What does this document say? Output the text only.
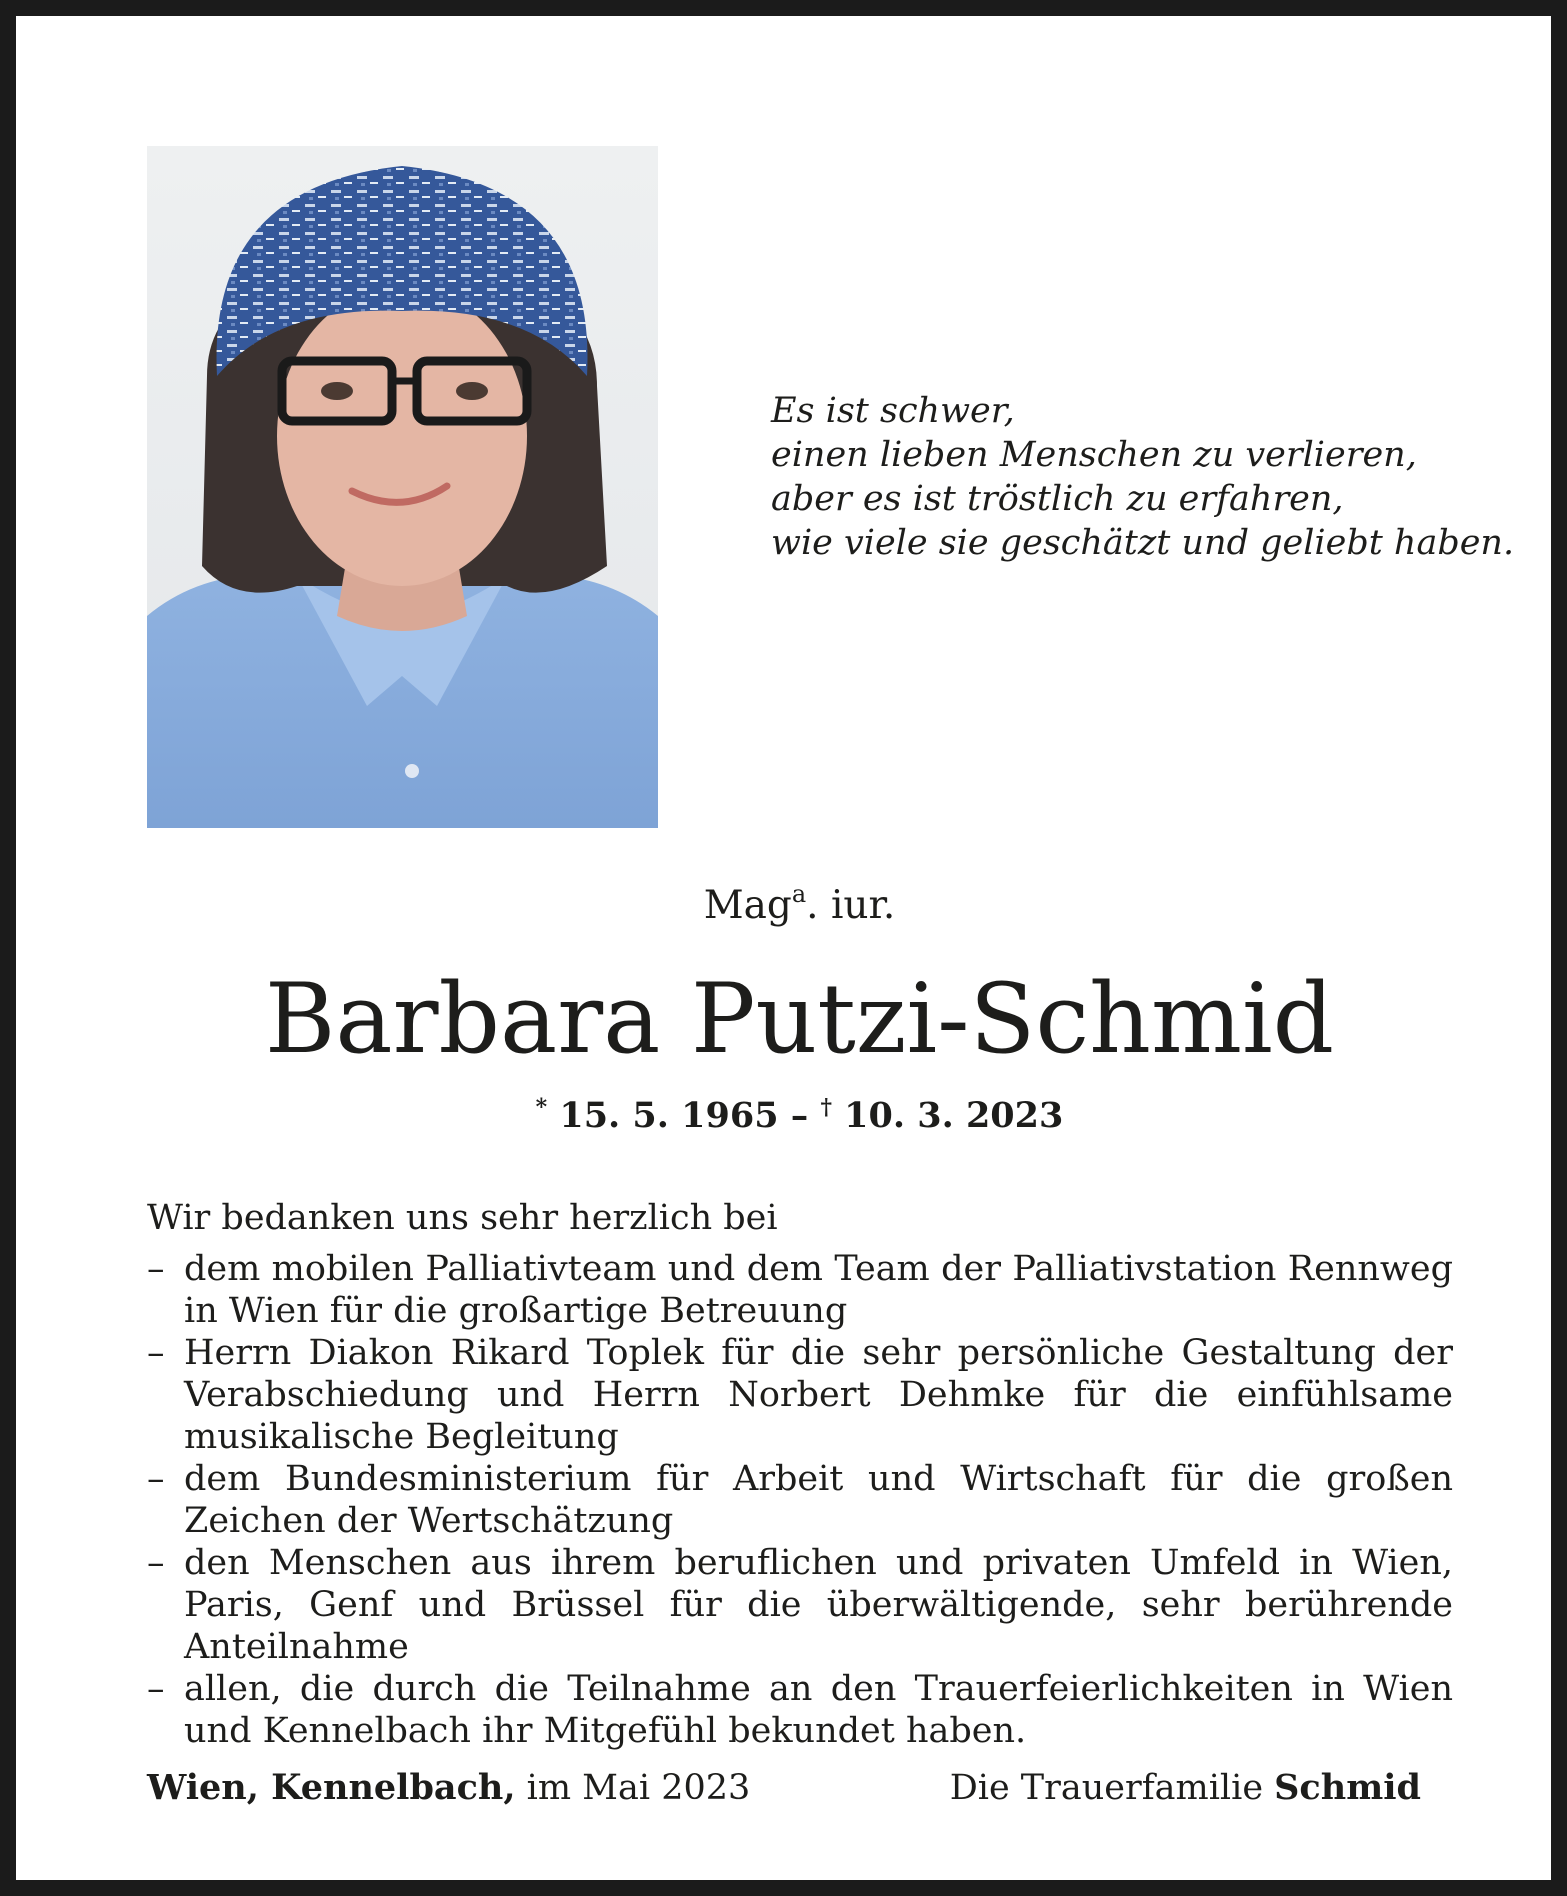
Es ist schwer,
einen lieben Menschen zu verlieren,
aber es ist tröstlich zu erfahren,
wie viele sie geschätzt und geliebt haben.
Mag$^a$. iur.
Barbara Putzi-Schmid
* 15. 5. 1965 – † 10. 3. 2023
Wir bedanken uns sehr herzlich bei
– dem mobilen Palliativteam und dem Team der Palliativstation Rennweg in Wien für die großartige Betreuung
– Herrn Diakon Rikard Toplek für die sehr persönliche Gestaltung der Verabschiedung und Herrn Norbert Dehmke für die einfühlsame musikalische Begleitung
– dem Bundesministerium für Arbeit und Wirtschaft für die großen Zeichen der Wertschätzung
– den Menschen aus ihrem beruflichen und privaten Umfeld in Wien, Paris, Genf und Brüssel für die überwältigende, sehr berührende Anteilnahme
– allen, die durch die Teilnahme an den Trauerfeierlichkeiten in Wien und Kennelbach ihr Mitgefühl bekundet haben.
Wien, Kennelbach, im Mai 2023	Die Trauerfamilie Schmid
